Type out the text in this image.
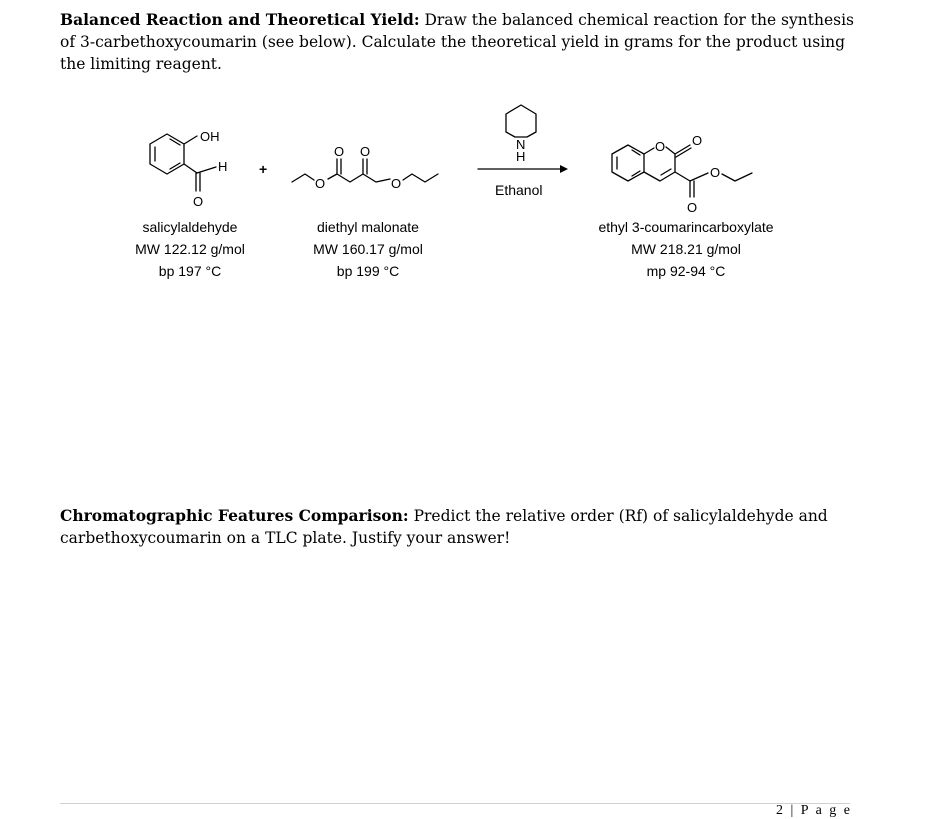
Balanced Reaction and Theoretical Yield: Draw the balanced chemical reaction for the synthesis of 3-carbethoxycoumarin (see below). Calculate the theoretical yield in grams for the product using the limiting reagent.
+
OH
H
O
O
O O
O
N
H
Ethanol
O O
O
O
salicylaldehyde
MW 122.12 g/mol
bp 197 °C
diethyl malonate
MW 160.17 g/mol
bp 199 °C
ethyl 3-coumarincarboxylate
MW 218.21 g/mol
mp 92-94 °C
Chromatographic Features Comparison: Predict the relative order (Rf) of salicylaldehyde and carbethoxycoumarin on a TLC plate. Justify your answer!
2 | P a g e
